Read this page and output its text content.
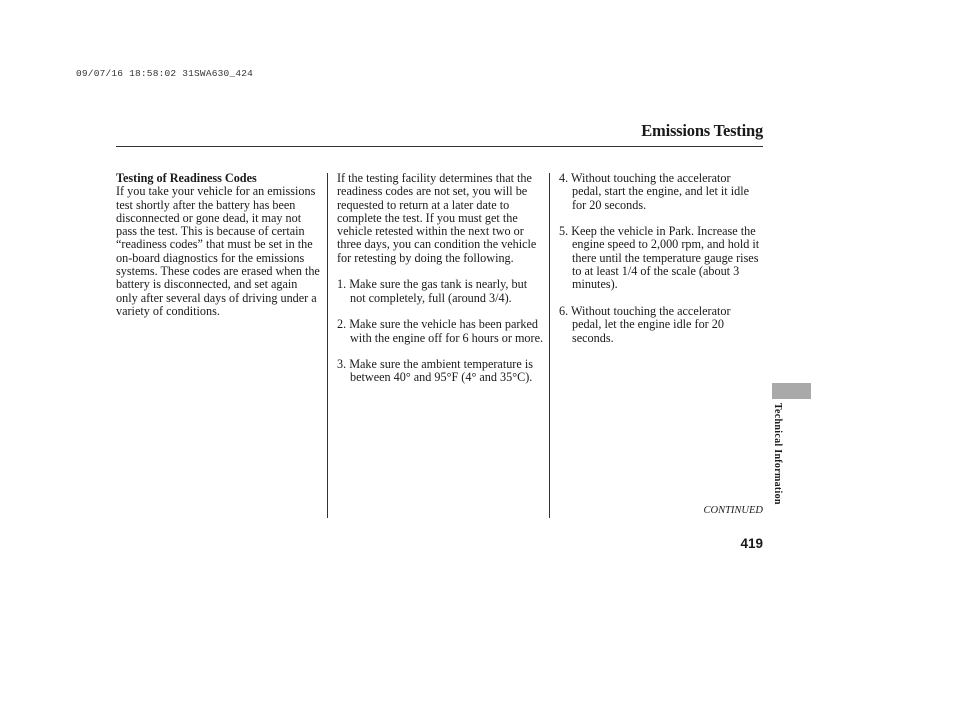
09/07/16 18:58:02 31SWA630_424
Emissions Testing

Testing of Readiness Codes

If you take your vehicle for an emissions test shortly after the battery has been disconnected or gone dead, it may not pass the test. This is because of certain “readiness codes” that must be set in the on-board diagnostics for the emissions systems. These codes are erased when the battery is disconnected, and set again only after several days of driving under a variety of conditions.

If the testing facility determines that the readiness codes are not set, you will be requested to return at a later date to complete the test. If you must get the vehicle retested within the next two or three days, you can condition the vehicle for retesting by doing the following.

1. Make sure the gas tank is nearly, but not completely, full (around 3/4).

2. Make sure the vehicle has been parked with the engine off for 6 hours or more.

3. Make sure the ambient temperature is between 40° and 95°F (4° and 35°C).

4. Without touching the accelerator pedal, start the engine, and let it idle for 20 seconds.

5. Keep the vehicle in Park. Increase the engine speed to 2,000 rpm, and hold it there until the temperature gauge rises to at least 1/4 of the scale (about 3 minutes).

6. Without touching the accelerator pedal, let the engine idle for 20 seconds.

Technical Information
CONTINUED
419
